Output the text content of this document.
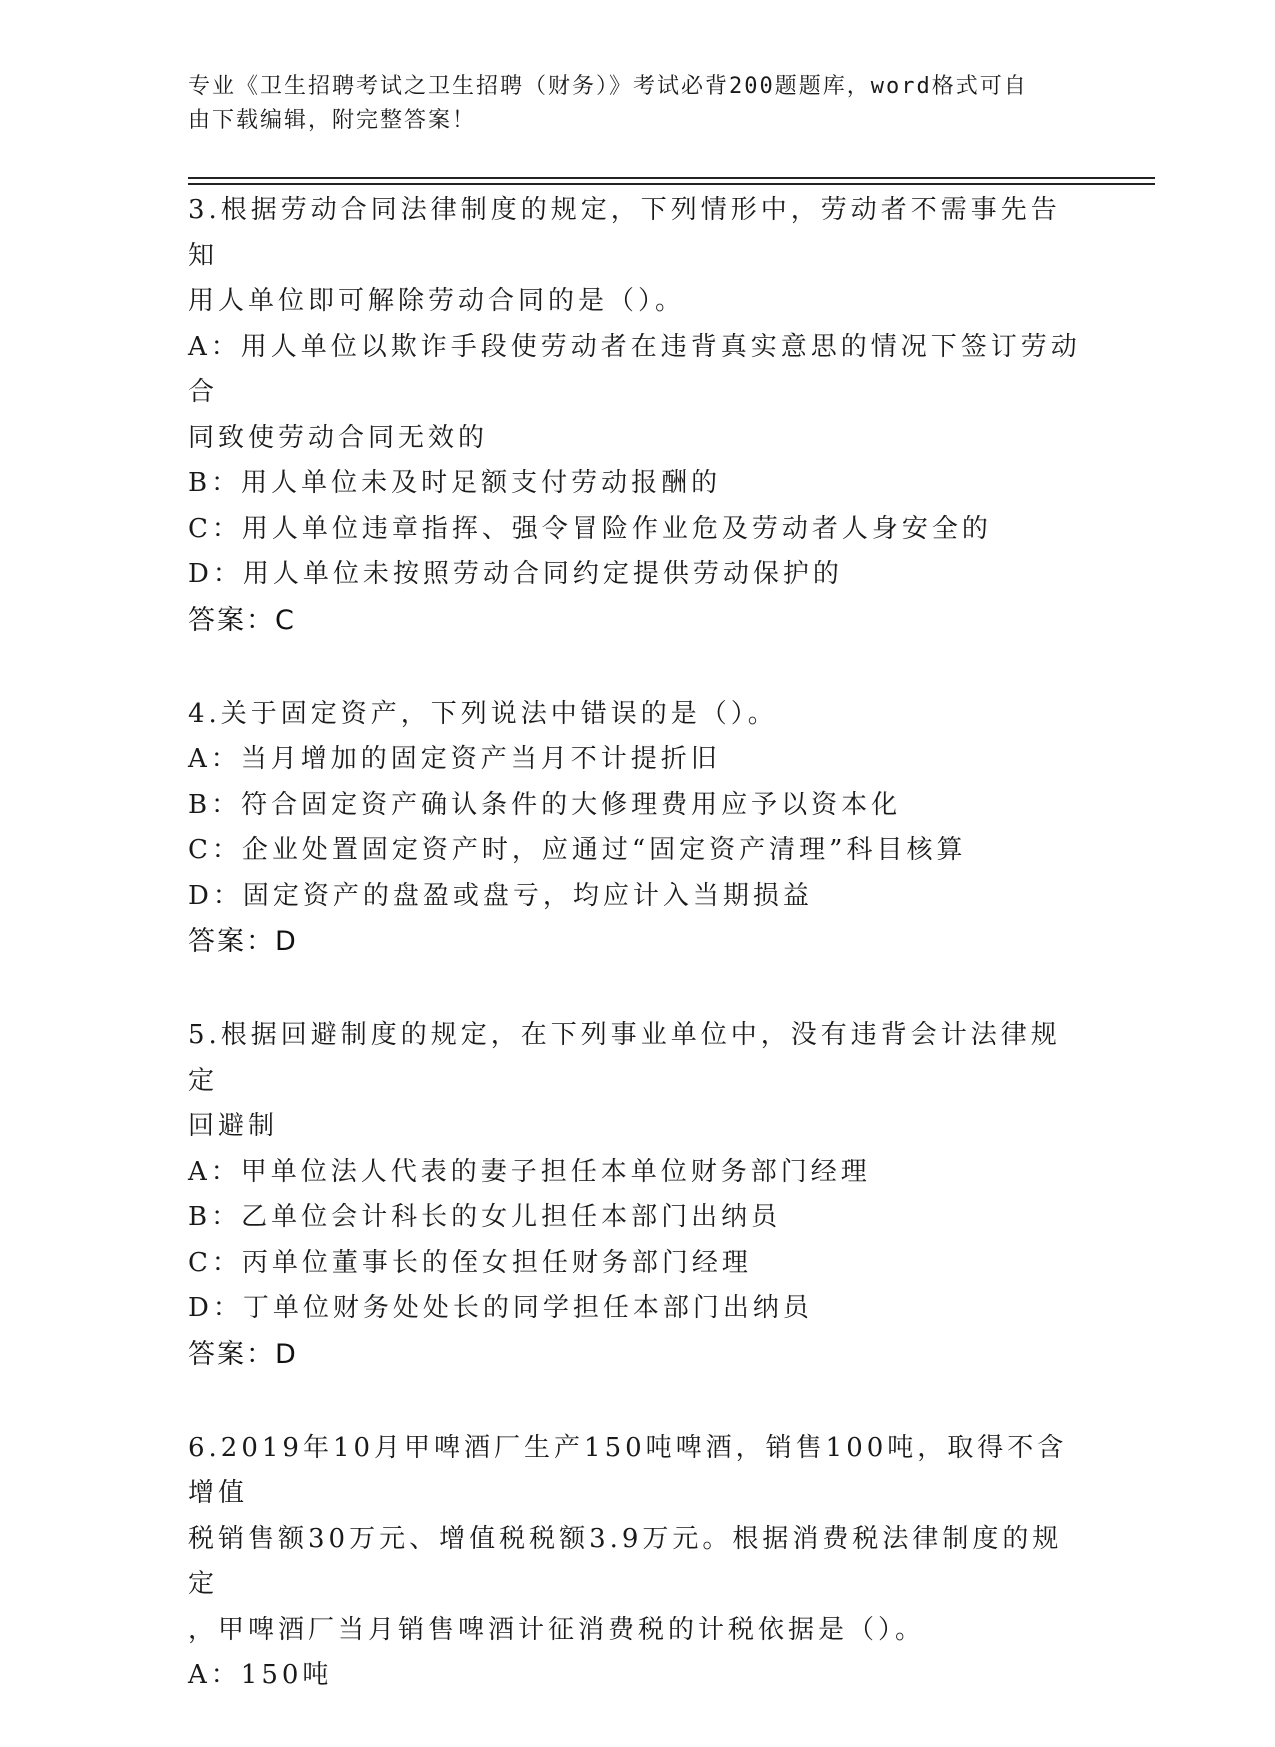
专业《卫生招聘考试之卫生招聘（财务）》考试必背200题题库，word格式可自
由下载编辑，附完整答案！
3.根据劳动合同法律制度的规定，下列情形中，劳动者不需事先告知
用人单位即可解除劳动合同的是（）。
A：用人单位以欺诈手段使劳动者在违背真实意思的情况下签订劳动合
同致使劳动合同无效的
B：用人单位未及时足额支付劳动报酬的
C：用人单位违章指挥、强令冒险作业危及劳动者人身安全的
D：用人单位未按照劳动合同约定提供劳动保护的
答案：C
4.关于固定资产，下列说法中错误的是（）。
A：当月增加的固定资产当月不计提折旧
B：符合固定资产确认条件的大修理费用应予以资本化
C：企业处置固定资产时，应通过“固定资产清理”科目核算
D：固定资产的盘盈或盘亏，均应计入当期损益
答案：D
5.根据回避制度的规定，在下列事业单位中，没有违背会计法律规定
回避制
A：甲单位法人代表的妻子担任本单位财务部门经理
B：乙单位会计科长的女儿担任本部门出纳员
C：丙单位董事长的侄女担任财务部门经理
D：丁单位财务处处长的同学担任本部门出纳员
答案：D
6.2019年10月甲啤酒厂生产150吨啤酒，销售100吨，取得不含增值
税销售额30万元、增值税税额3.9万元。根据消费税法律制度的规定
，甲啤酒厂当月销售啤酒计征消费税的计税依据是（）。
A：150吨
